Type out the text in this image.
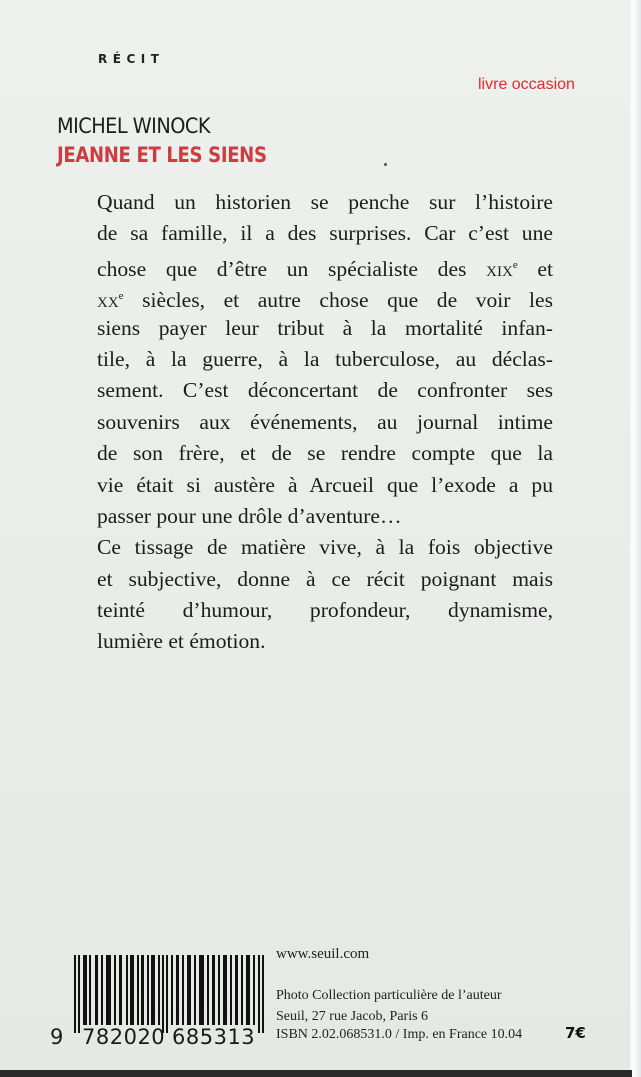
RÉCIT
livre occasion
MICHEL WINOCK
JEANNE ET LES SIENS
Quand un historien se penche sur l’histoire
de sa famille, il a des surprises. Car c’est une
chose que d’être un spécialiste des xix$^e$ et
$xx^e$ siècles, et autre chose que de voir les
siens payer leur tribut à la mortalité infan-
tile, à la guerre, à la tuberculose, au déclas-
sement. C’est déconcertant de confronter ses
souvenirs aux événements, au journal intime
de son frère, et de se rendre compte que la
vie était si austère à Arcueil que l’exode a pu
passer pour une drôle d’aventure…
Ce tissage de matière vive, à la fois objective
et subjective, donne à ce récit poignant mais
teinté d’humour, profondeur, dynamisme,
lumière et émotion.
9 782020 685313
www.seuil.com
Photo Collection particulière de l’auteur
Seuil, 27 rue Jacob, Paris 6
ISBN 2.02.068531.0 / Imp. en France 10.04	7€
